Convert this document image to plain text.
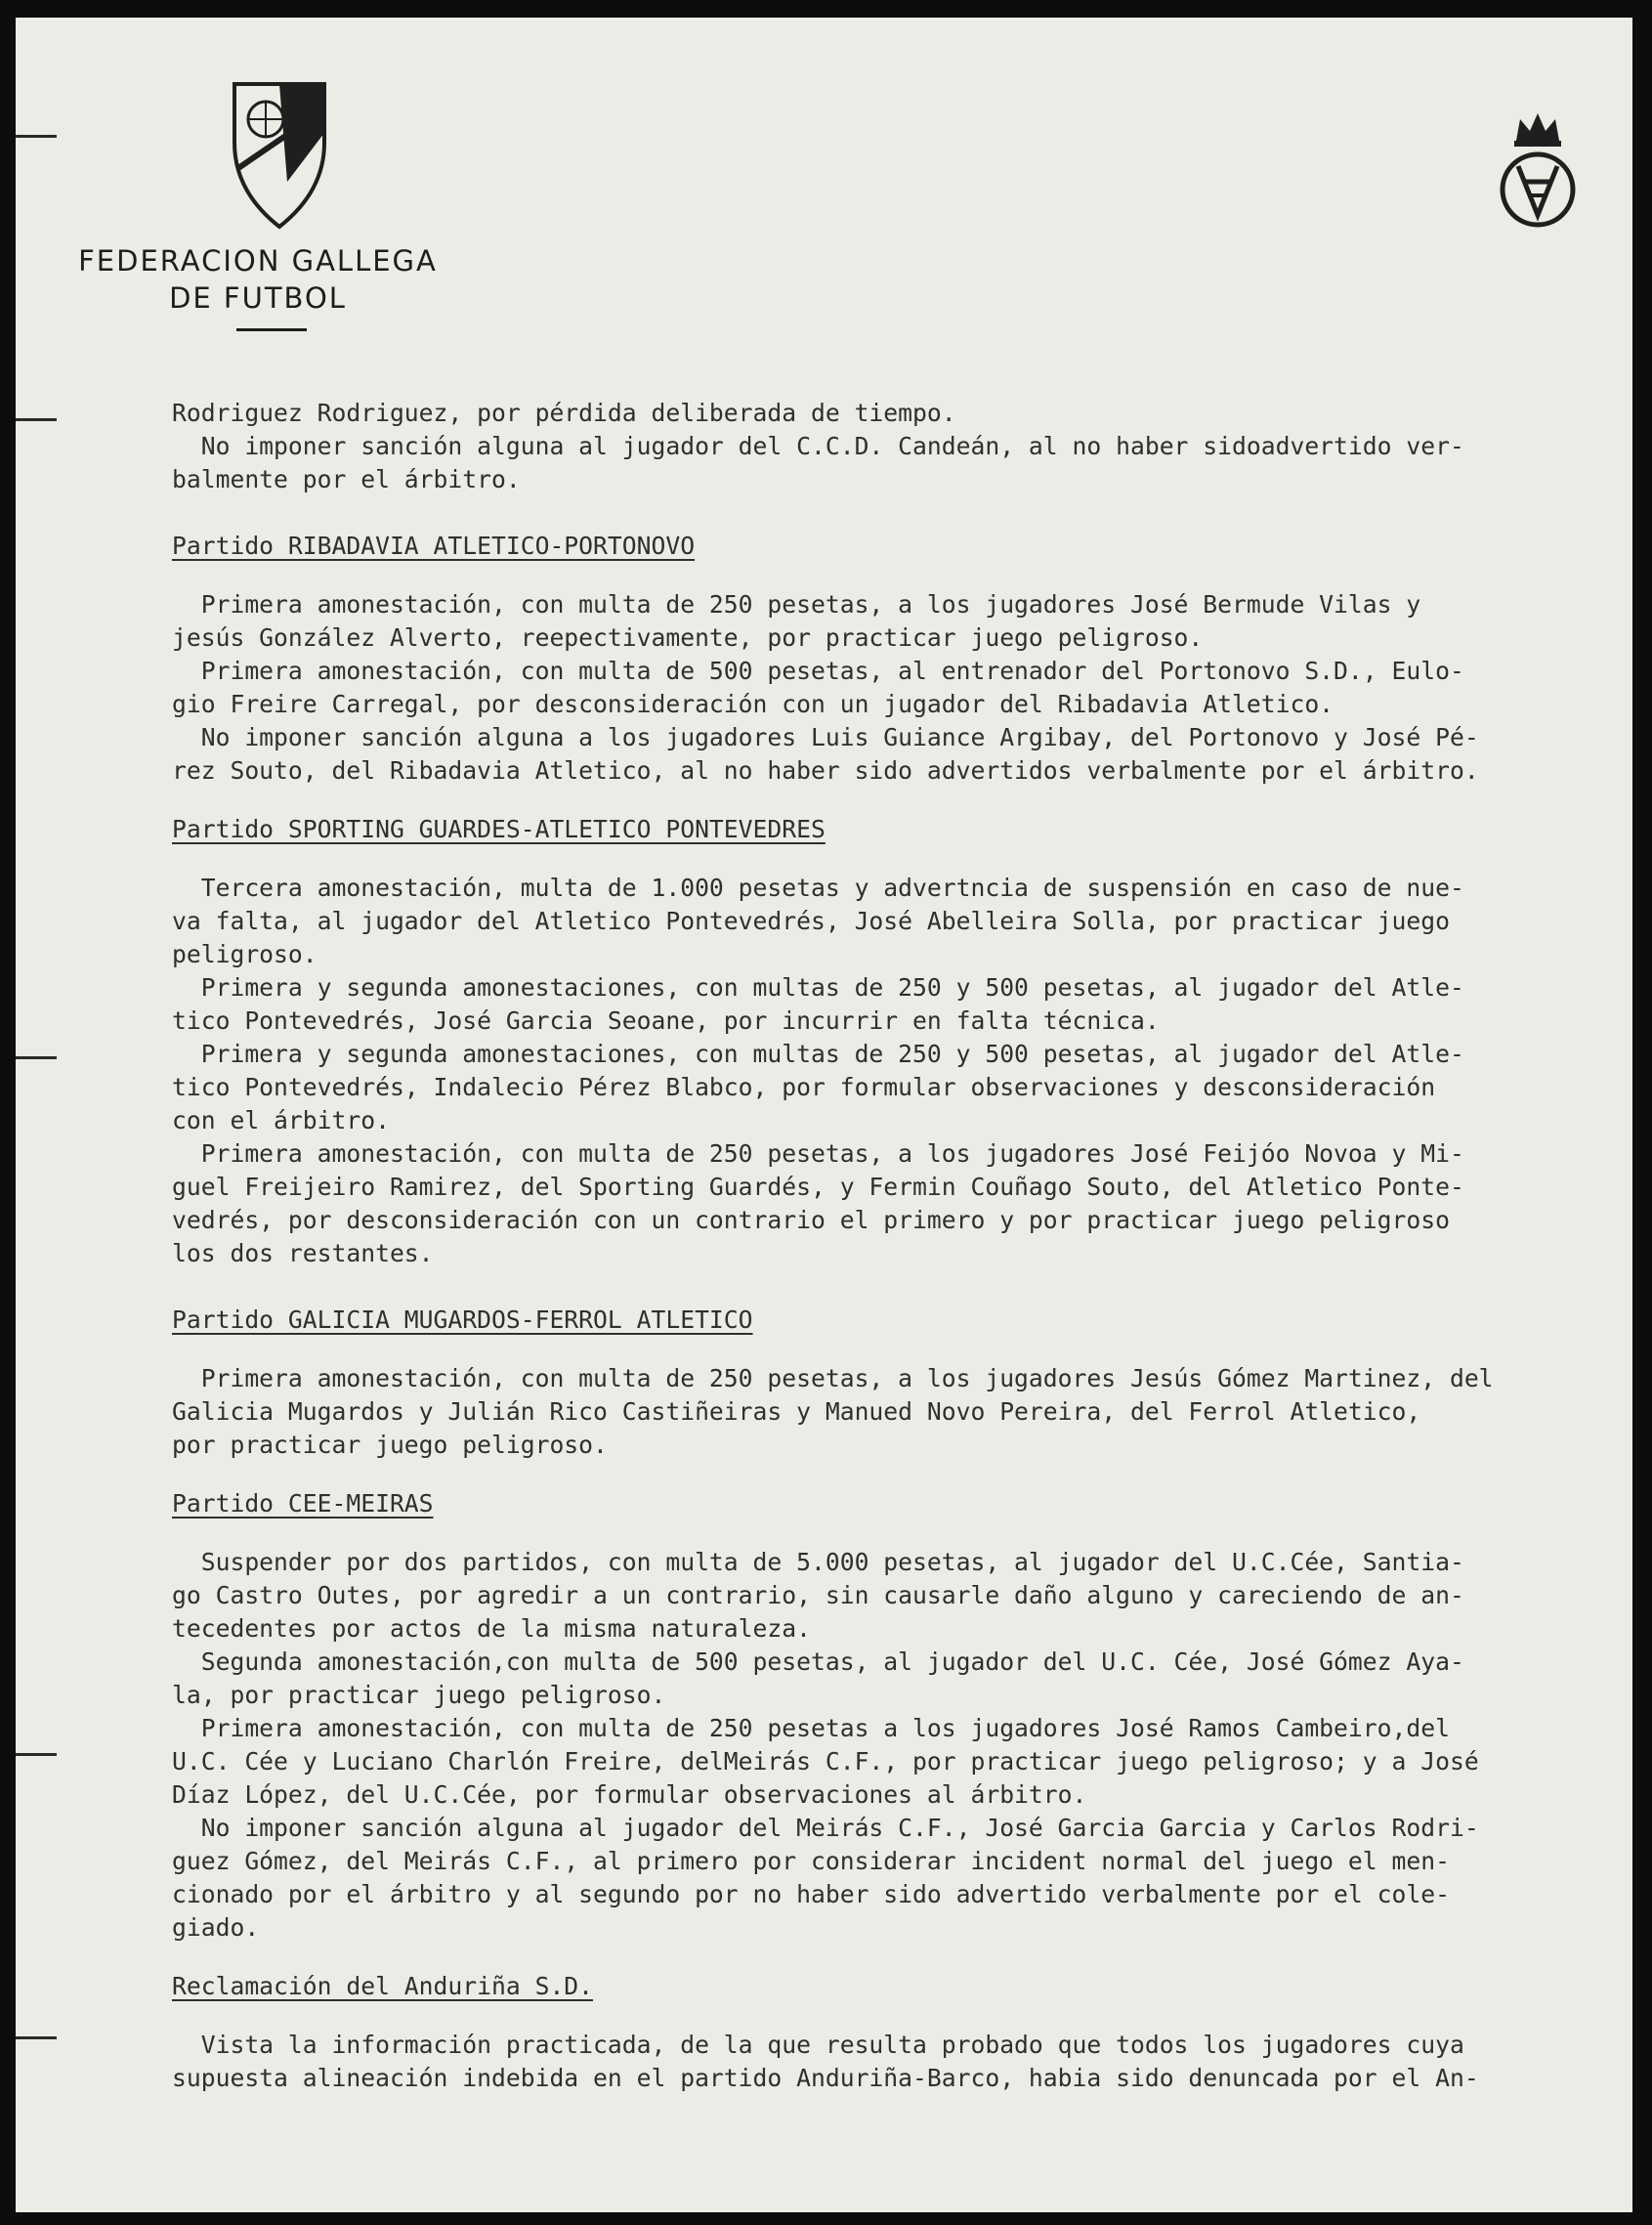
FEDERACION GALLEGA
DE FUTBOL
Rodriguez Rodriguez, por pérdida deliberada de tiempo.
No imponer sanción alguna al jugador del C.C.D. Candeán, al no haber sidoadvertido ver-
balmente por el árbitro.
Partido RIBADAVIA ATLETICO-PORTONOVO
Primera amonestación, con multa de 250 pesetas, a los jugadores José Bermude Vilas y
jesús González Alverto, reepectivamente, por practicar juego peligroso.
Primera amonestación, con multa de 500 pesetas, al entrenador del Portonovo S.D., Eulo-
gio Freire Carregal, por desconsideración con un jugador del Ribadavia Atletico.
No imponer sanción alguna a los jugadores Luis Guiance Argibay, del Portonovo y José Pé-
rez Souto, del Ribadavia Atletico, al no haber sido advertidos verbalmente por el árbitro.
Partido SPORTING GUARDES-ATLETICO PONTEVEDRES
Tercera amonestación, multa de 1.000 pesetas y advertncia de suspensión en caso de nue-
va falta, al jugador del Atletico Pontevedrés, José Abelleira Solla, por practicar juego
peligroso.
Primera y segunda amonestaciones, con multas de 250 y 500 pesetas, al jugador del Atle-
tico Pontevedrés, José Garcia Seoane, por incurrir en falta técnica.
Primera y segunda amonestaciones, con multas de 250 y 500 pesetas, al jugador del Atle-
tico Pontevedrés, Indalecio Pérez Blabco, por formular observaciones y desconsideración
con el árbitro.
Primera amonestación, con multa de 250 pesetas, a los jugadores José Feijóo Novoa y Mi-
guel Freijeiro Ramirez, del Sporting Guardés, y Fermin Couñago Souto, del Atletico Ponte-
vedrés, por desconsideración con un contrario el primero y por practicar juego peligroso
los dos restantes.
Partido GALICIA MUGARDOS-FERROL ATLETICO
Primera amonestación, con multa de 250 pesetas, a los jugadores Jesús Gómez Martinez, del
Galicia Mugardos y Julián Rico Castiñeiras y Manued Novo Pereira, del Ferrol Atletico,
por practicar juego peligroso.
Partido CEE-MEIRAS
Suspender por dos partidos, con multa de 5.000 pesetas, al jugador del U.C.Cée, Santia-
go Castro Outes, por agredir a un contrario, sin causarle daño alguno y careciendo de an-
tecedentes por actos de la misma naturaleza.
Segunda amonestación,con multa de 500 pesetas, al jugador del U.C. Cée, José Gómez Aya-
la, por practicar juego peligroso.
Primera amonestación, con multa de 250 pesetas a los jugadores José Ramos Cambeiro,del
U.C. Cée y Luciano Charlón Freire, delMeirás C.F., por practicar juego peligroso; y a José
Díaz López, del U.C.Cée, por formular observaciones al árbitro.
No imponer sanción alguna al jugador del Meirás C.F., José Garcia Garcia y Carlos Rodri-
guez Gómez, del Meirás C.F., al primero por considerar incident normal del juego el men-
cionado por el árbitro y al segundo por no haber sido advertido verbalmente por el cole-
giado.
Reclamación del Anduriña S.D.
Vista la información practicada, de la que resulta probado que todos los jugadores cuya
supuesta alineación indebida en el partido Anduriña-Barco, habia sido denuncada por el An-
